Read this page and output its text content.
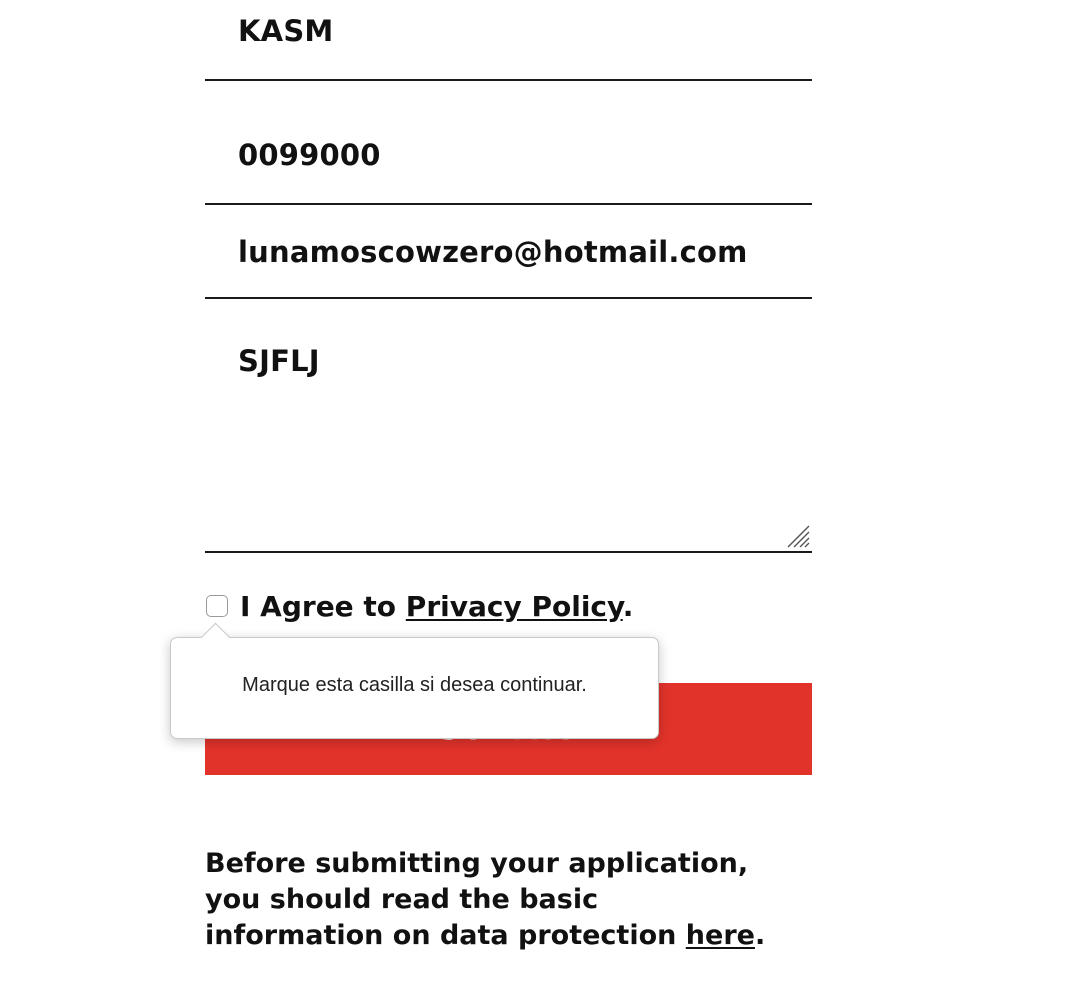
KASM
0099000
lunamoscowzero@hotmail.com
SJFLJ
I Agree to Privacy Policy.
Marque esta casilla si desea continuar.
Before submitting your application,
you should read the basic
information on data protection here.
